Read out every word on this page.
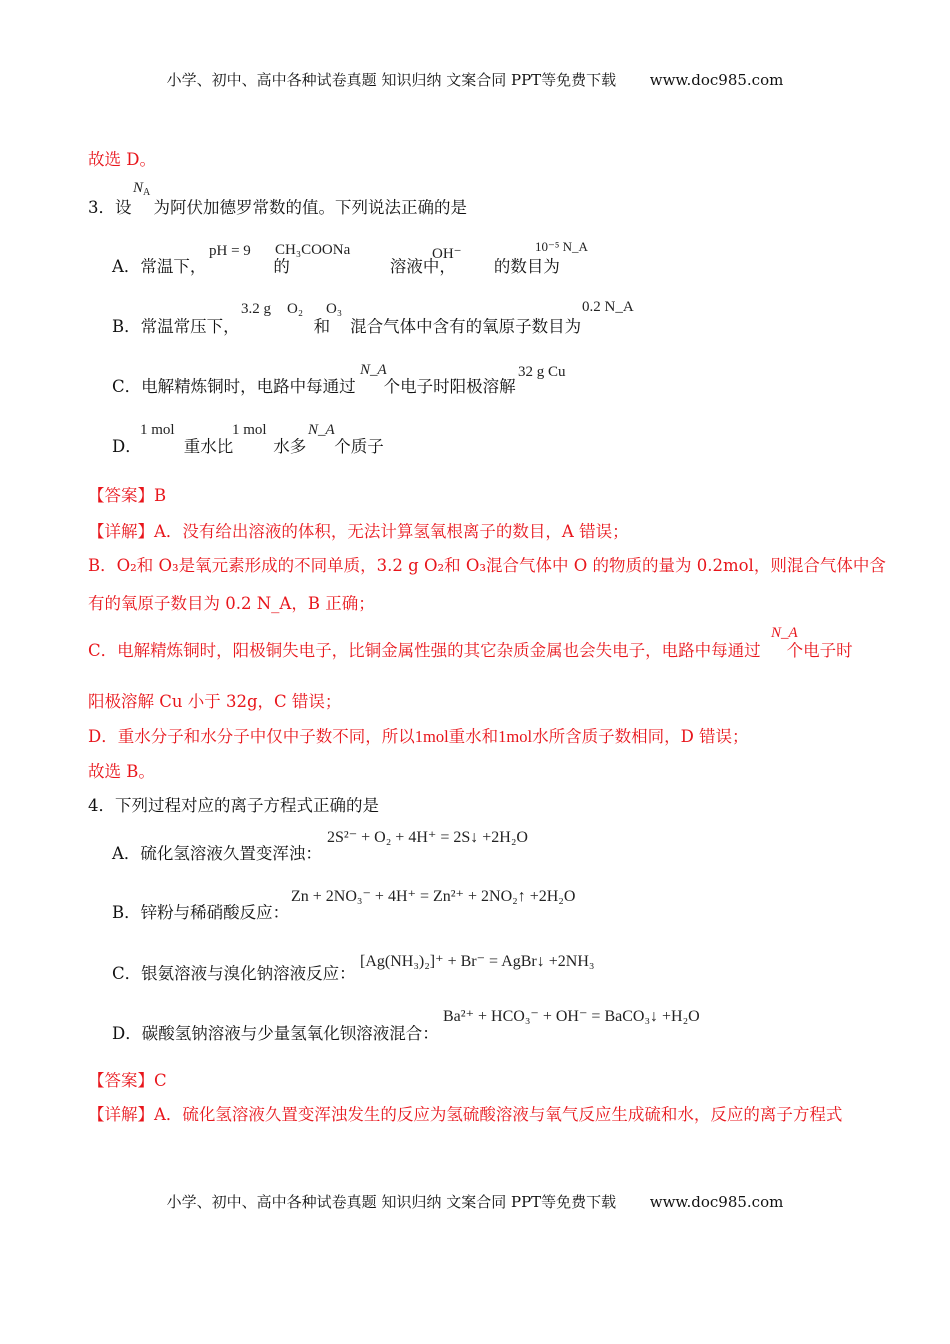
小学、初中、高中各种试卷真题 知识归纳 文案合同 PPT等免费下载 www.doc985.com
故选 D。
3．设 为阿伏加德罗常数的值。下列说法正确的是
$N_A$
A．常温下，	的	溶液中， 的数目为
pH = 9 CH₃COONa	OH⁻	10⁻⁵ N_A
B．常温常压下，	和 混合气体中含有的氧原子数目为
3.2 g O₂ O₃	0.2 N_A
C．电解精炼铜时，电路中每通过 个电子时阳极溶解
N_A	32 g Cu
D．	重水比 水多 个质子
1 mol	1 mol	N_A
【答案】B
【详解】A．没有给出溶液的体积，无法计算氢氧根离子的数目，A 错误；
B．O₂和 O₃是氧元素形成的不同单质，3.2 g O₂和 O₃混合气体中 O 的物质的量为 0.2mol，则混合气体中含
有的氧原子数目为 0.2 N_A，B 正确；
C．电解精炼铜时，阳极铜失电子，比铜金属性强的其它杂质金属也会失电子，电路中每通过 个电子时
N_A
阳极溶解 Cu 小于 32g，C 错误；
D．重水分子和水分子中仅中子数不同，所以1mol重水和1mol水所含质子数相同，D 错误；
故选 B。
4．下列过程对应的离子方程式正确的是
A．硫化氢溶液久置变浑浊：
2S²⁻ + O₂ + 4H⁺ = 2S↓ +2H₂O
B．锌粉与稀硝酸反应：
Zn + 2NO₃⁻ + 4H⁺ = Zn²⁺ + 2NO₂↑ +2H₂O
C．银氨溶液与溴化钠溶液反应：
[Ag(NH₃)₂]⁺ + Br⁻ = AgBr↓ +2NH₃
D．碳酸氢钠溶液与少量氢氧化钡溶液混合：
Ba²⁺ + HCO₃⁻ + OH⁻ = BaCO₃↓ +H₂O
【答案】C
【详解】A．硫化氢溶液久置变浑浊发生的反应为氢硫酸溶液与氧气反应生成硫和水，反应的离子方程式
小学、初中、高中各种试卷真题 知识归纳 文案合同 PPT等免费下载 www.doc985.com
